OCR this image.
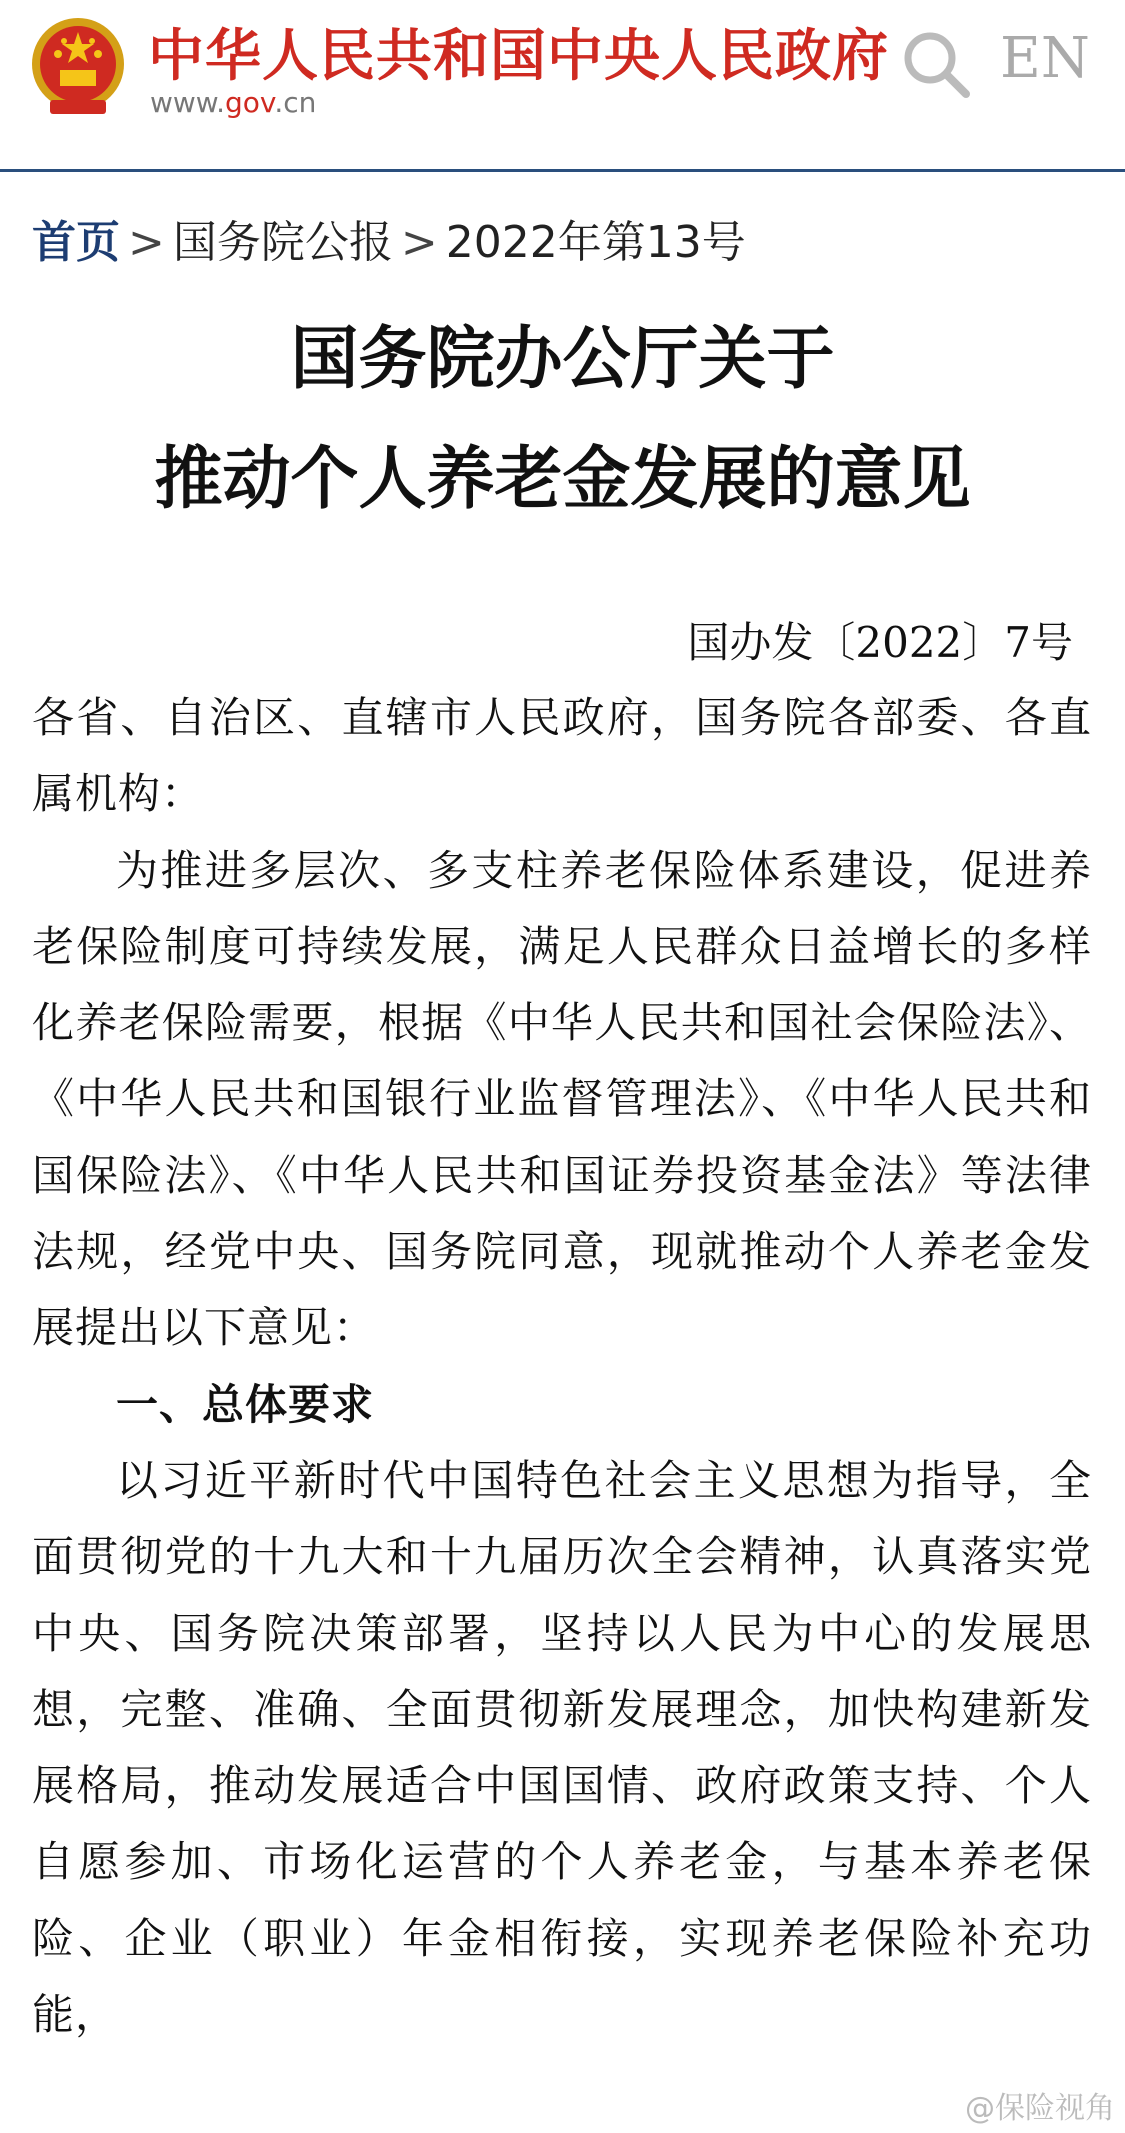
中华人民共和国中央人民政府
www.gov.cn
EN
首页 > 国务院公报 > 2022年第13号
国务院办公厅关于
推动个人养老金发展的意见
国办发〔2022〕7号

各省、自治区、直辖市人民政府，国务院各部委、各直属机构：

为推进多层次、多支柱养老保险体系建设，促进养老保险制度可持续发展，满足人民群众日益增长的多样化养老保险需要，根据《中华人民共和国社会保险法》、《中华人民共和国银行业监督管理法》、《中华人民共和国保险法》、《中华人民共和国证券投资基金法》等法律法规，经党中央、国务院同意，现就推动个人养老金发展提出以下意见：

一、总体要求

以习近平新时代中国特色社会主义思想为指导，全面贯彻党的十九大和十九届历次全会精神，认真落实党中央、国务院决策部署，坚持以人民为中心的发展思想，完整、准确、全面贯彻新发展理念，加快构建新发展格局，推动发展适合中国国情、政府政策支持、个人自愿参加、市场化运营的个人养老金，与基本养老保险、企业（职业）年金相衔接，实现养老保险补充功能，

@保险视角
